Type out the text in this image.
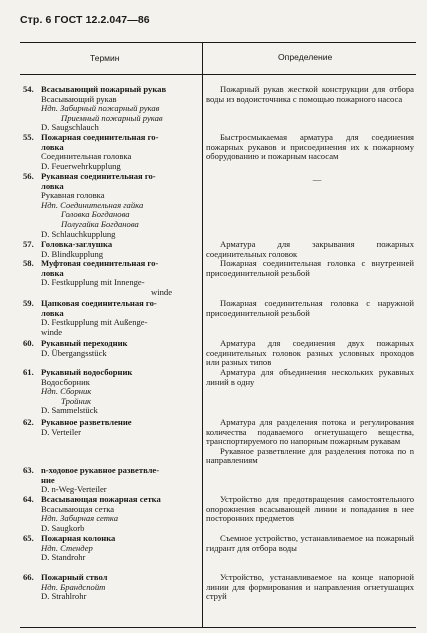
Стр. 6 ГОСТ 12.2.047—86
Термин	Определение
54. Всасывающий пожарный рукав
Всасывающий рукав
Ндп. Забирный пожарный рукав
Приемный пожарный рукав
D. Saugschlauch

Пожарный рукав жесткой конструкции для отбора воды из водоисточника с помощью пожарного насоса

55. Пожарная соединительная го-
ловка
Соединительная головка
D. Feuerwehrkupplung

Быстросмыкаемая арматура для соединения пожарных рукавов и присоединения их к пожарному оборудованию и пожарным насосам

56. Рукавная соединительная го-
ловка
Рукавная головка
Ндп. Соединительная гайка
Головка Богданова
Полугайка Богданова
D. Schlauchkupplung

—

57. Головка-заглушка
D. Blindkupplung

Арматура для закрывания пожарных соединительных головок

58. Муфтовая соединительная го-
ловка
D. Festkupplung mit Innenge-
winde

Пожарная соединительная головка с внутренней присоединительной резьбой

59. Цапковая соединительная го-
ловка
D. Festkupplung mit Außenge-
winde

Пожарная соединительная головка с наружной присоединительной резьбой

60. Рукавный переходник
D. Übergangsstück

Арматура для соединения двух пожарных соединительных головок разных условных проходов или разных типов

61. Рукавный водосборник
Водосборник
Ндп. Сборник
Тройник
D. Sammelstück

Арматура для объединения нескольких рукавных линий в одну

62. Рукавное разветвление
D. Verteiler

Арматура для разделения потока и регулирования количества подаваемого огнетушащего вещества, транспортируемого по напорным пожарным рукавам

Рукавное разветвление для разделения потока по n направлениям

63. n-ходовое рукавное разветвле-
ние
D. n-Weg-Verteiler
64. Всасывающая пожарная сетка
Всасывающая сетка
Ндп. Забирная сетка
D. Saugkorb

Устройство для предотвращения самостоятельного опорожнения всасывающей линии и попадания в нее посторонних предметов

65. Пожарная колонка
Ндп. Стендер
D. Standrohr

Съемное устройство, устанавливаемое на пожарный гидрант для отбора воды

66. Пожарный ствол
Ндп. Брандспойт
D. Strahlrohr

Устройство, устанавливаемое на конце напорной линии для формирования и направления огнетушащих струй
